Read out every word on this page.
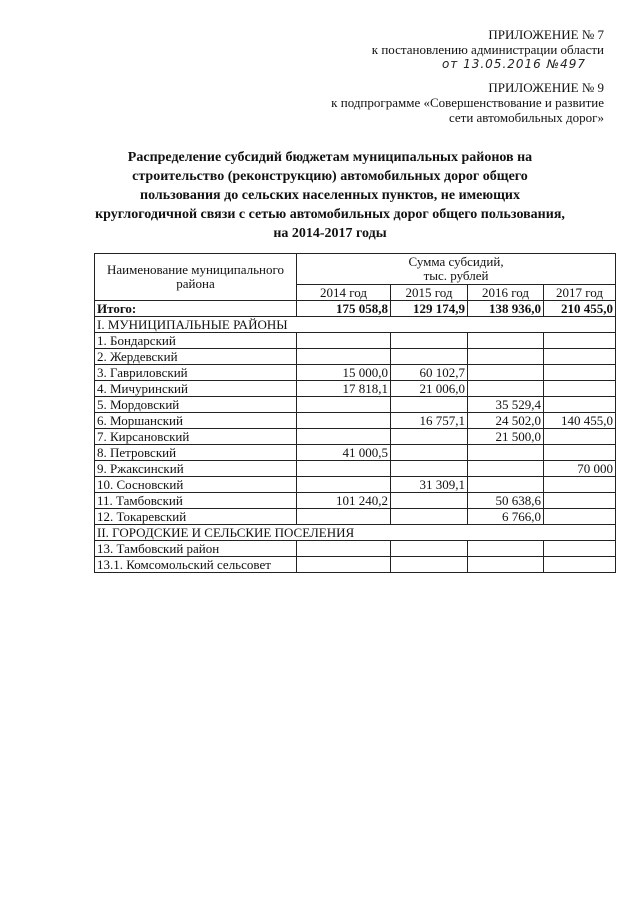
ПРИЛОЖЕНИЕ № 7
к постановлению администрации области
от 13.05.2016 №497
ПРИЛОЖЕНИЕ № 9
к подпрограмме «Совершенствование и развитие
сети автомобильных дорог»
Распределение субсидий бюджетам муниципальных районов на
строительство (реконструкцию) автомобильных дорог общего
пользования до сельских населенных пунктов, не имеющих
круглогодичной связи с сетью автомобильных дорог общего пользования,
на 2014-2017 годы
Наименование муниципального района	Сумма субсидий,
тыс. рублей			

	2014 год	2015 год	2016 год	2017 год
Итого:	175 058,8	129 174,9	138 936,0	210 455,0
I. МУНИЦИПАЛЬНЫЕ РАЙОНЫ				
1. Бондарский				
2. Жердевский				
3. Гавриловский	15 000,0	60 102,7		
4. Мичуринский	17 818,1	21 006,0		
5. Мордовский			35 529,4	
6. Моршанский		16 757,1	24 502,0	140 455,0
7. Кирсановский			21 500,0	
8. Петровский	41 000,5			
9. Ржаксинский				70 000
10. Сосновский		31 309,1		
11. Тамбовский	101 240,2		50 638,6	
12. Токаревский			6 766,0	
II. ГОРОДСКИЕ И СЕЛЬСКИЕ ПОСЕЛЕНИЯ				
13. Тамбовский район				
13.1. Комсомольский сельсовет				
